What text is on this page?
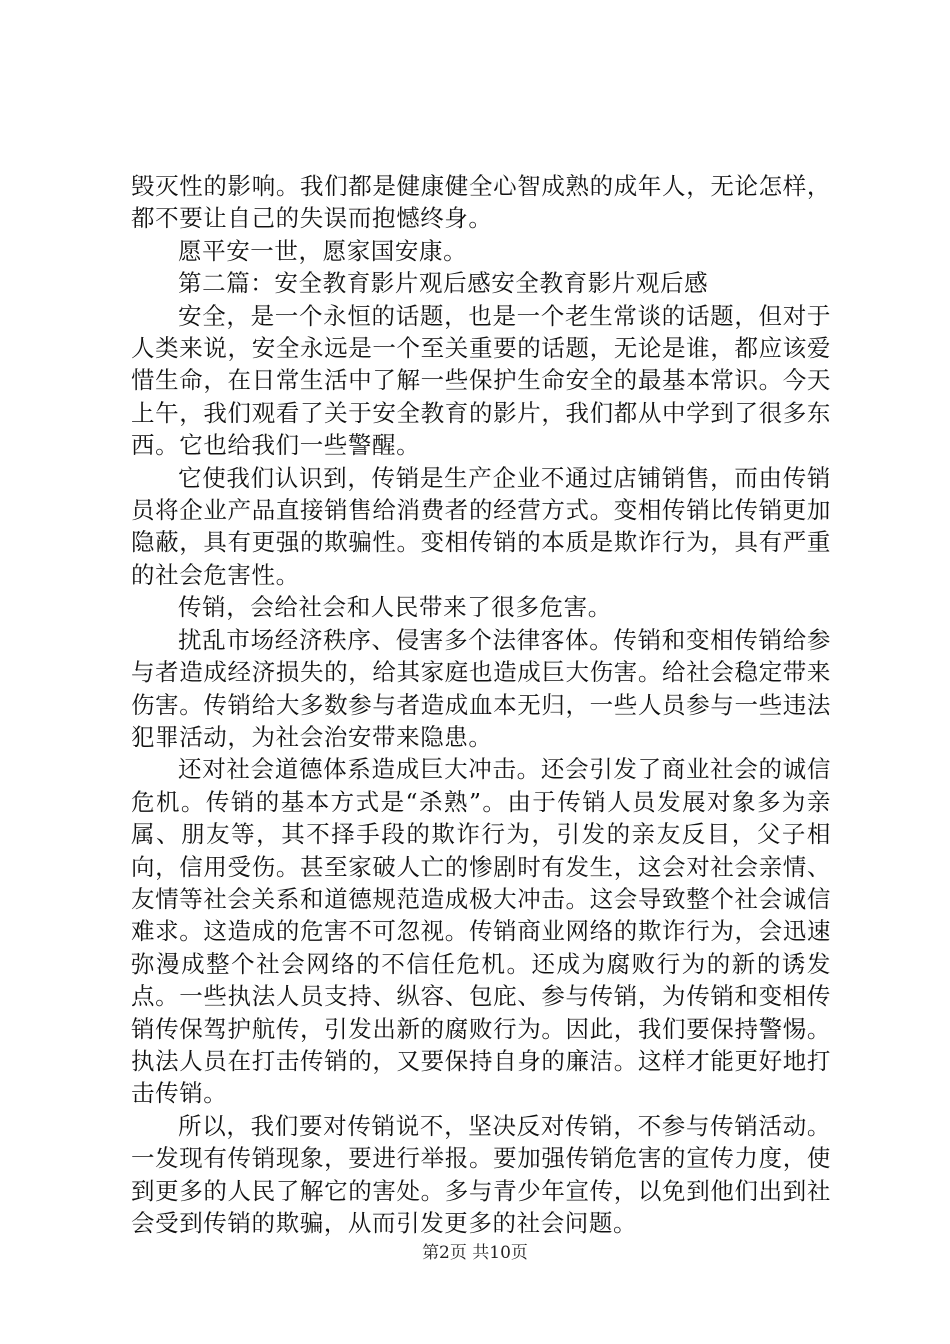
毁灭性的影响。我们都是健康健全心智成熟的成年人，无论怎样，都不要让自己的失误而抱憾终身。

愿平安一世，愿家国安康。

第二篇：安全教育影片观后感安全教育影片观后感

安全，是一个永恒的话题，也是一个老生常谈的话题，但对于人类来说，安全永远是一个至关重要的话题，无论是谁，都应该爱惜生命，在日常生活中了解一些保护生命安全的最基本常识。今天上午，我们观看了关于安全教育的影片，我们都从中学到了很多东西。它也给我们一些警醒。

它使我们认识到，传销是生产企业不通过店铺销售，而由传销员将企业产品直接销售给消费者的经营方式。变相传销比传销更加隐蔽，具有更强的欺骗性。变相传销的本质是欺诈行为，具有严重的社会危害性。

传销，会给社会和人民带来了很多危害。

扰乱市场经济秩序、侵害多个法律客体。传销和变相传销给参与者造成经济损失的，给其家庭也造成巨大伤害。给社会稳定带来伤害。传销给大多数参与者造成血本无归，一些人员参与一些违法犯罪活动，为社会治安带来隐患。

还对社会道德体系造成巨大冲击。还会引发了商业社会的诚信危机。传销的基本方式是“杀熟”。由于传销人员发展对象多为亲属、朋友等，其不择手段的欺诈行为，引发的亲友反目，父子相向，信用受伤。甚至家破人亡的惨剧时有发生，这会对社会亲情、友情等社会关系和道德规范造成极大冲击。这会导致整个社会诚信难求。这造成的危害不可忽视。传销商业网络的欺诈行为，会迅速弥漫成整个社会网络的不信任危机。还成为腐败行为的新的诱发点。一些执法人员支持、纵容、包庇、参与传销，为传销和变相传销传保驾护航传，引发出新的腐败行为。因此，我们要保持警惕。执法人员在打击传销的，又要保持自身的廉洁。这样才能更好地打击传销。

所以，我们要对传销说不，坚决反对传销，不参与传销活动。一发现有传销现象，要进行举报。要加强传销危害的宣传力度，使到更多的人民了解它的害处。多与青少年宣传，以免到他们出到社会受到传销的欺骗，从而引发更多的社会问题。

第2页 共10页
